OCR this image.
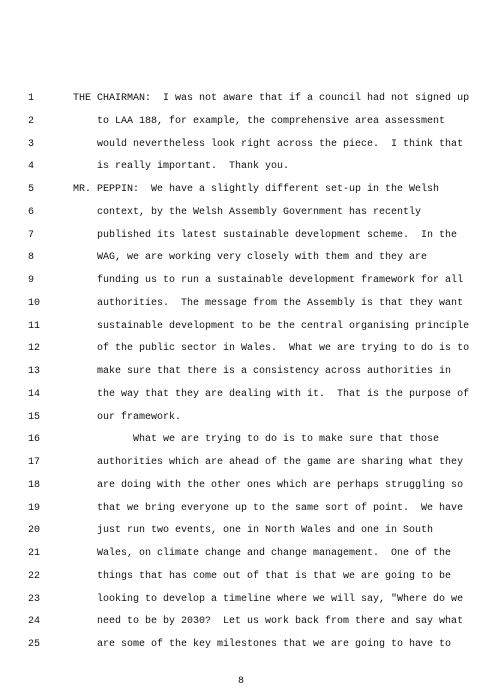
1	THE CHAIRMAN:  I was not aware that if a council had not signed up
2	to LAA 188, for example, the comprehensive area assessment
3	would nevertheless look right across the piece.  I think that
4	is really important.  Thank you.
5	MR. PEPPIN:  We have a slightly different set-up in the Welsh
6	context, by the Welsh Assembly Government has recently
7	published its latest sustainable development scheme.  In the
8	WAG, we are working very closely with them and they are
9	funding us to run a sustainable development framework for all
10	authorities.  The message from the Assembly is that they want
11	sustainable development to be the central organising principle
12	of the public sector in Wales.  What we are trying to do is to
13	make sure that there is a consistency across authorities in
14	the way that they are dealing with it.  That is the purpose of
15	our framework.
16	What we are trying to do is to make sure that those
17	authorities which are ahead of the game are sharing what they
18	are doing with the other ones which are perhaps struggling so
19	that we bring everyone up to the same sort of point.  We have
20	just run two events, one in North Wales and one in South
21	Wales, on climate change and change management.  One of the
22	things that has come out of that is that we are going to be
23	looking to develop a timeline where we will say, "Where do we
24	need to be by 2030?  Let us work back from there and say what
25	are some of the key milestones that we are going to have to
8
